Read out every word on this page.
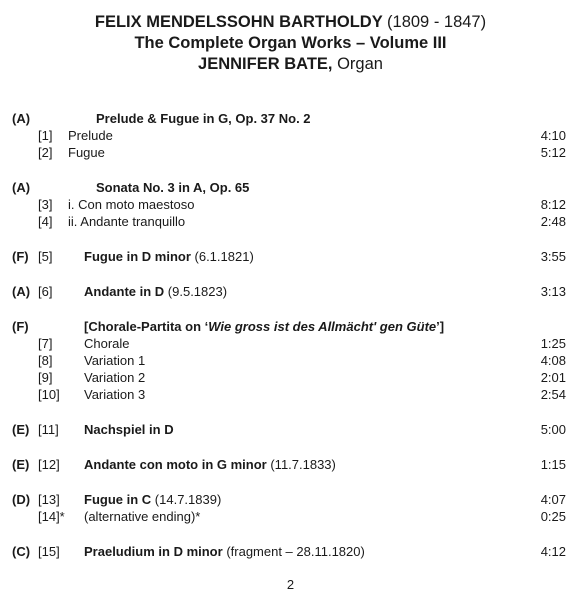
FELIX MENDELSSOHN BARTHOLDY (1809 - 1847)
The Complete Organ Works – Volume III
JENNIFER BATE, Organ
(A)	Prelude & Fugue in G, Op. 37 No. 2
[1] Prelude	4:10
[2] Fugue	5:12
(A)	Sonata No. 3 in A, Op. 65
[3] i. Con moto maestoso	8:12
[4] ii. Andante tranquillo	2:48
(F) [5] Fugue in D minor (6.1.1821)	3:55
(A) [6] Andante in D (9.5.1823)	3:13
(F)	[Chorale-Partita on ‘Wie gross ist des Allmächt' gen Güte’]
[7] Chorale	1:25
[8] Variation 1	4:08
[9] Variation 2	2:01
[10] Variation 3	2:54
(E) [11] Nachspiel in D	5:00
(E) [12] Andante con moto in G minor (11.7.1833)	1:15
(D) [13] Fugue in C (14.7.1839)	4:07
[14]* (alternative ending)*	0:25
(C) [15] Praeludium in D minor (fragment – 28.11.1820)	4:12
2
